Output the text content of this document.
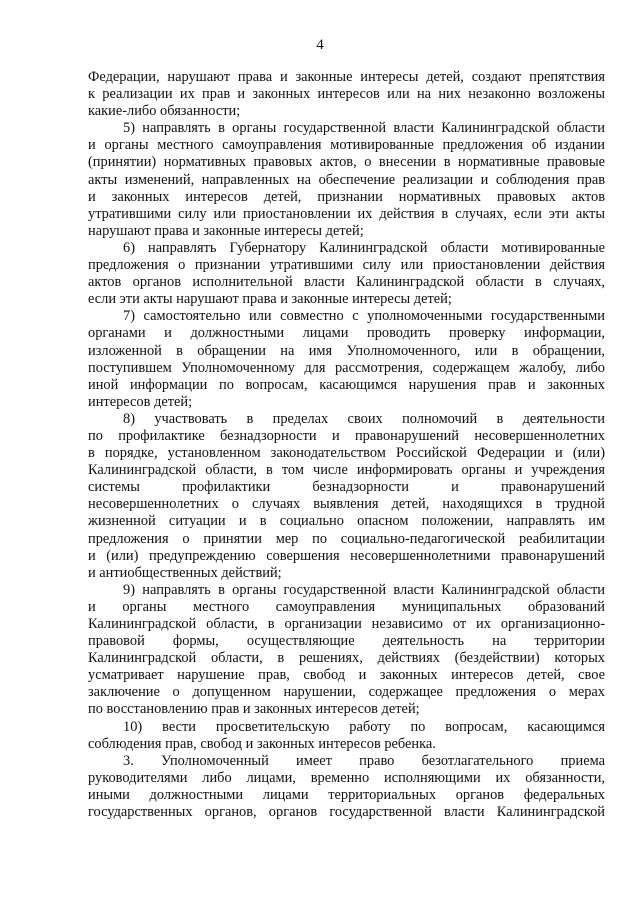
4
Федерации, нарушают права и законные интересы детей, создают препятствия
к реализации их прав и законных интересов или на них незаконно возложены
какие-либо обязанности;
5) направлять в органы государственной власти Калининградской области
и органы местного самоуправления мотивированные предложения об издании
(принятии) нормативных правовых актов, о внесении в нормативные правовые
акты изменений, направленных на обеспечение реализации и соблюдения прав
и законных интересов детей, признании нормативных правовых актов
утратившими силу или приостановлении их действия в случаях, если эти акты
нарушают права и законные интересы детей;
6) направлять Губернатору Калининградской области мотивированные
предложения о признании утратившими силу или приостановлении действия
актов органов исполнительной власти Калининградской области в случаях,
если эти акты нарушают права и законные интересы детей;
7) самостоятельно или совместно с уполномоченными государственными
органами и должностными лицами проводить проверку информации,
изложенной в обращении на имя Уполномоченного, или в обращении,
поступившем Уполномоченному для рассмотрения, содержащем жалобу, либо
иной информации по вопросам, касающимся нарушения прав и законных
интересов детей;
8) участвовать в пределах своих полномочий в деятельности
по профилактике безнадзорности и правонарушений несовершеннолетних
в порядке, установленном законодательством Российской Федерации и (или)
Калининградской области, в том числе информировать органы и учреждения
системы профилактики безнадзорности и правонарушений
несовершеннолетних о случаях выявления детей, находящихся в трудной
жизненной ситуации и в социально опасном положении, направлять им
предложения о принятии мер по социально-педагогической реабилитации
и (или) предупреждению совершения несовершеннолетними правонарушений
и антиобщественных действий;
9) направлять в органы государственной власти Калининградской области
и органы местного самоуправления муниципальных образований
Калининградской области, в организации независимо от их организационно-
правовой формы, осуществляющие деятельность на территории
Калининградской области, в решениях, действиях (бездействии) которых
усматривает нарушение прав, свобод и законных интересов детей, свое
заключение о допущенном нарушении, содержащее предложения о мерах
по восстановлению прав и законных интересов детей;
10) вести просветительскую работу по вопросам, касающимся
соблюдения прав, свобод и законных интересов ребенка.
3. Уполномоченный имеет право безотлагательного приема
руководителями либо лицами, временно исполняющими их обязанности,
иными должностными лицами территориальных органов федеральных
государственных органов, органов государственной власти Калининградской
